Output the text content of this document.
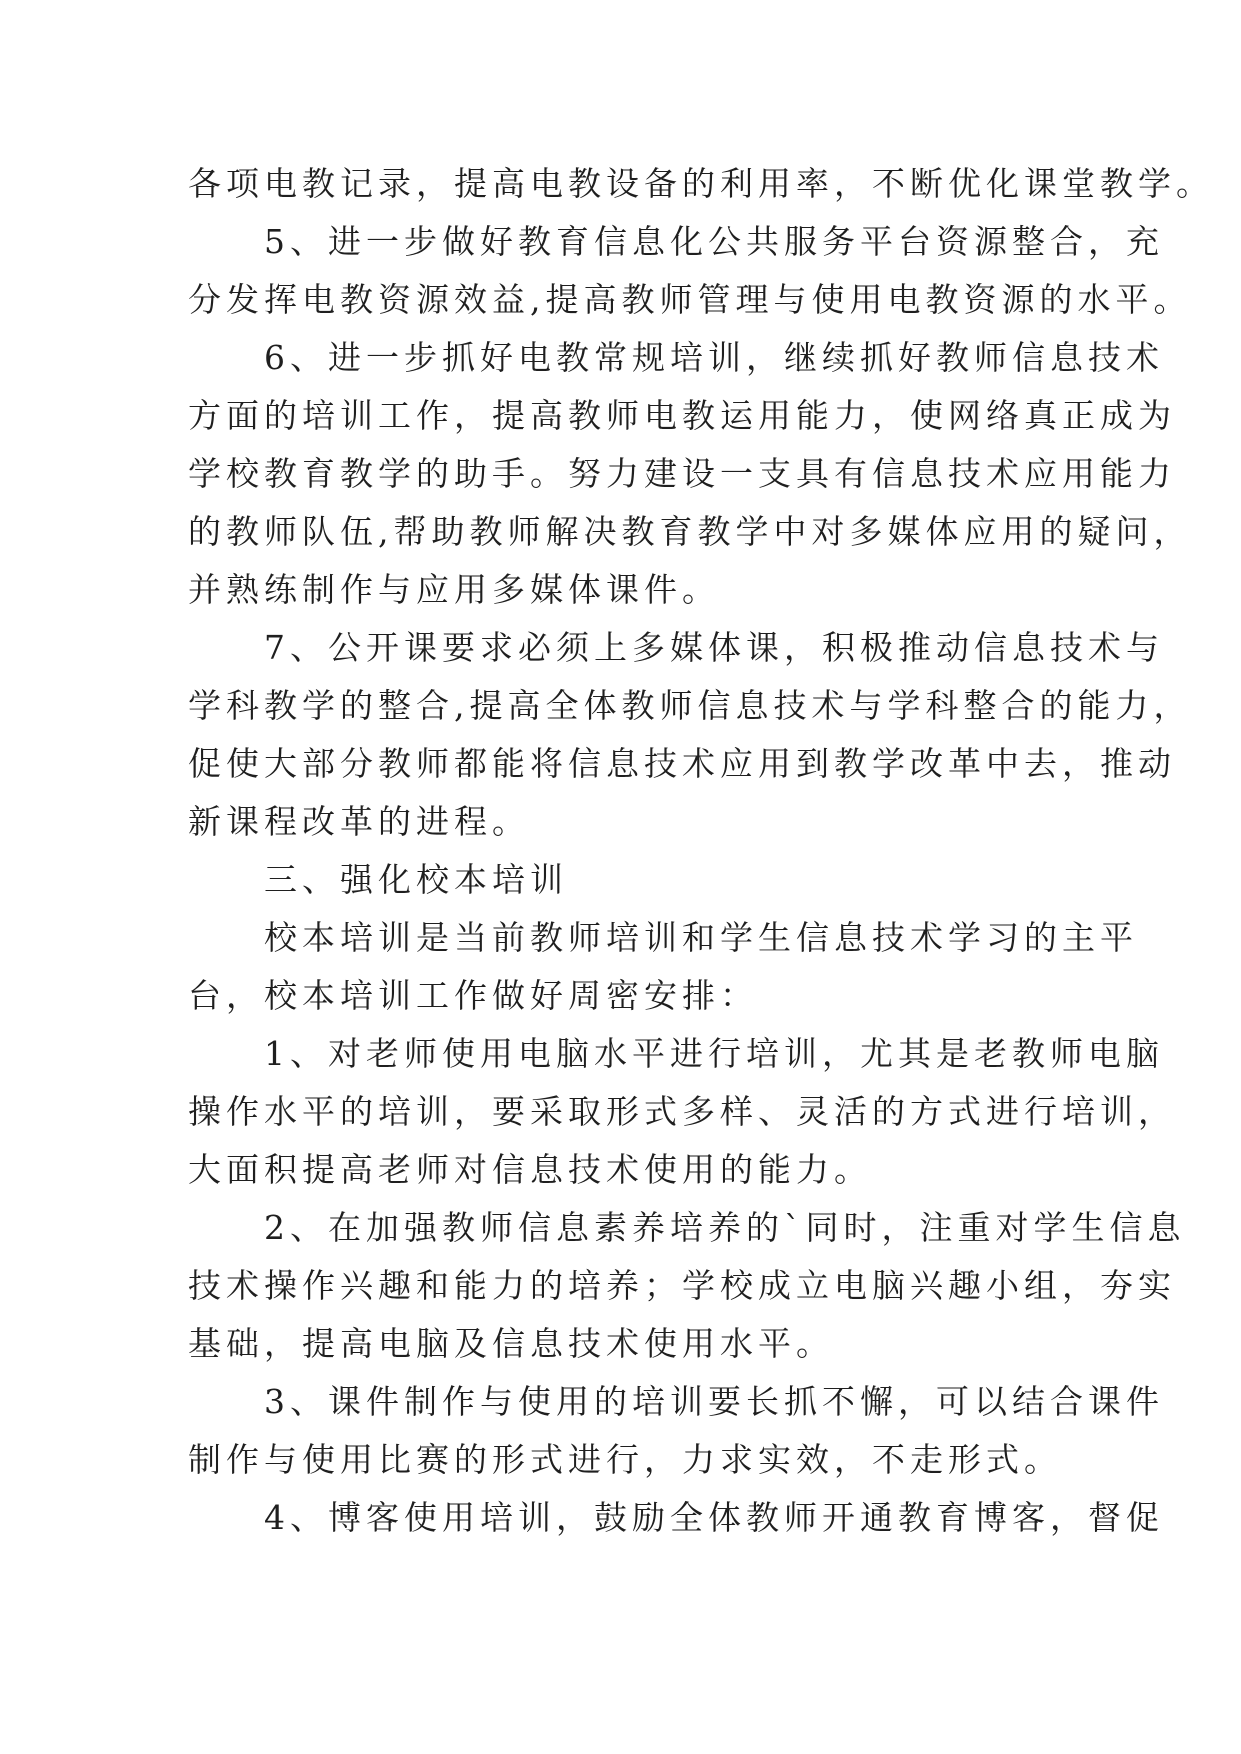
各项电教记录，提高电教设备的利用率，不断优化课堂教学。

　　5、进一步做好教育信息化公共服务平台资源整合，充

分发挥电教资源效益,提高教师管理与使用电教资源的水平。

　　6、进一步抓好电教常规培训，继续抓好教师信息技术

方面的培训工作，提高教师电教运用能力，使网络真正成为

学校教育教学的助手。努力建设一支具有信息技术应用能力

的教师队伍,帮助教师解决教育教学中对多媒体应用的疑问，

并熟练制作与应用多媒体课件。

　　7、公开课要求必须上多媒体课，积极推动信息技术与

学科教学的整合,提高全体教师信息技术与学科整合的能力，

促使大部分教师都能将信息技术应用到教学改革中去，推动

新课程改革的进程。

　　三、强化校本培训

　　校本培训是当前教师培训和学生信息技术学习的主平

台，校本培训工作做好周密安排：

　　1、对老师使用电脑水平进行培训，尤其是老教师电脑

操作水平的培训，要采取形式多样、灵活的方式进行培训，

大面积提高老师对信息技术使用的能力。

　　2、在加强教师信息素养培养的`同时，注重对学生信息

技术操作兴趣和能力的培养；学校成立电脑兴趣小组，夯实

基础，提高电脑及信息技术使用水平。

　　3、课件制作与使用的培训要长抓不懈，可以结合课件

制作与使用比赛的形式进行，力求实效，不走形式。

　　4、博客使用培训，鼓励全体教师开通教育博客，督促
